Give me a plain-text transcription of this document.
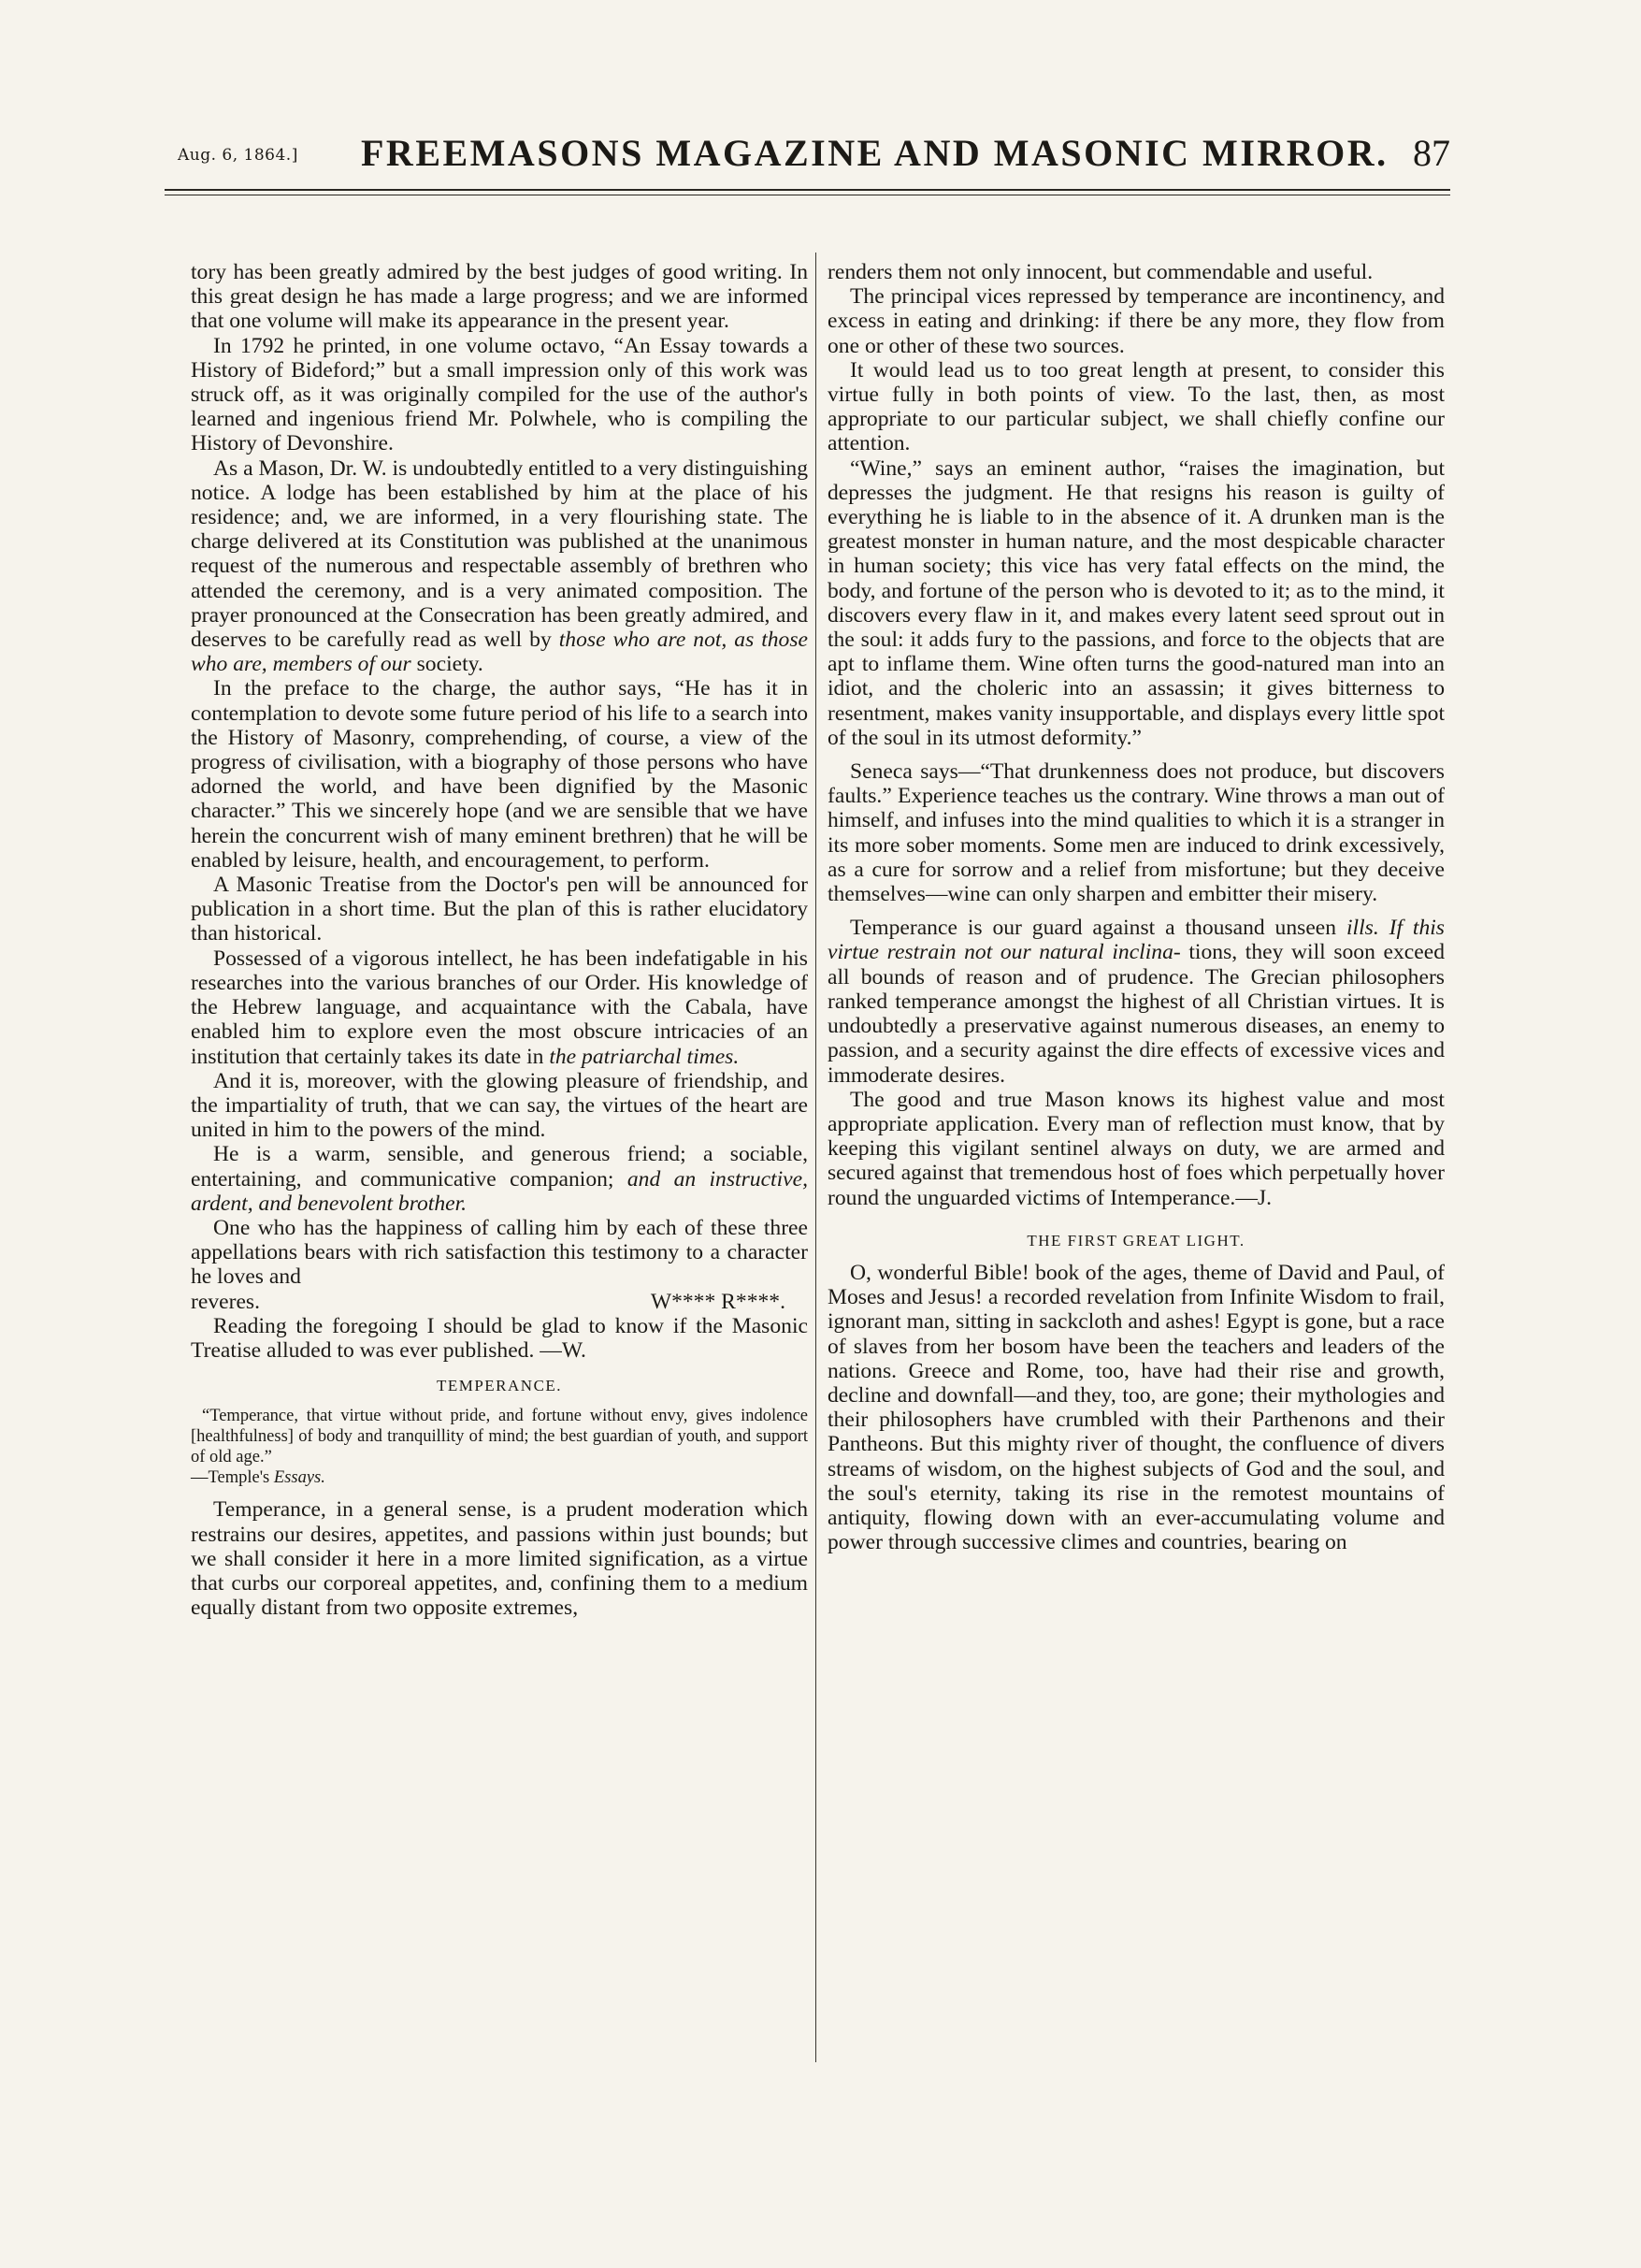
Aug. 6, 1864.] FREEMASONS MAGAZINE AND MASONIC MIRROR. 87

tory has been greatly admired by the best judges of good writing. In this great design he has made a large progress; and we are informed that one volume will make its appearance in the present year.

In 1792 he printed, in one volume octavo, “An Essay towards a History of Bideford;” but a small impression only of this work was struck off, as it was originally compiled for the use of the author's learned and ingenious friend Mr. Polwhele, who is compiling the History of Devonshire.

As a Mason, Dr. W. is undoubtedly entitled to a very distinguishing notice. A lodge has been established by him at the place of his residence; and, we are informed, in a very flourishing state. The charge delivered at its Constitution was published at the unanimous request of the numerous and respectable assembly of brethren who attended the ceremony, and is a very animated composition. The prayer pronounced at the Consecration has been greatly admired, and deserves to be carefully read as well by those who are not, as those who are, members of our society.

In the preface to the charge, the author says, “He has it in contemplation to devote some future period of his life to a search into the History of Masonry, comprehending, of course, a view of the progress of civilisation, with a biography of those persons who have adorned the world, and have been dignified by the Masonic character.” This we sincerely hope (and we are sensible that we have herein the concurrent wish of many eminent brethren) that he will be enabled by leisure, health, and encouragement, to perform.

A Masonic Treatise from the Doctor's pen will be announced for publication in a short time. But the plan of this is rather elucidatory than historical.

Possessed of a vigorous intellect, he has been indefatigable in his researches into the various branches of our Order. His knowledge of the Hebrew language, and acquaintance with the Cabala, have enabled him to explore even the most obscure intricacies of an institution that certainly takes its date in the patriarchal times.

And it is, moreover, with the glowing pleasure of friendship, and the impartiality of truth, that we can say, the virtues of the heart are united in him to the powers of the mind.

He is a warm, sensible, and generous friend; a sociable, entertaining, and communicative companion; and an instructive, ardent, and benevolent brother.

One who has the happiness of calling him by each of these three appellations bears with rich satisfaction this testimony to a character he loves and

reveres.	W**** R****.

Reading the foregoing I should be glad to know if the Masonic Treatise alluded to was ever published. —W.

TEMPERANCE.

“Temperance, that virtue without pride, and fortune without envy, gives indolence [healthfulness] of body and tranquillity of mind; the best guardian of youth, and support of old age.”

—Temple's Essays.

Temperance, in a general sense, is a prudent moderation which restrains our desires, appetites, and passions within just bounds; but we shall consider it here in a more limited signification, as a virtue that curbs our corporeal appetites, and, confining them to a medium equally distant from two opposite extremes,

renders them not only innocent, but commendable and useful.

The principal vices repressed by temperance are incontinency, and excess in eating and drinking: if there be any more, they flow from one or other of these two sources.

It would lead us to too great length at present, to consider this virtue fully in both points of view. To the last, then, as most appropriate to our particular subject, we shall chiefly confine our attention.

“Wine,” says an eminent author, “raises the imagination, but depresses the judgment. He that resigns his reason is guilty of everything he is liable to in the absence of it. A drunken man is the greatest monster in human nature, and the most despicable character in human society; this vice has very fatal effects on the mind, the body, and fortune of the person who is devoted to it; as to the mind, it discovers every flaw in it, and makes every latent seed sprout out in the soul: it adds fury to the passions, and force to the objects that are apt to inflame them. Wine often turns the good-natured man into an idiot, and the choleric into an assassin; it gives bitterness to resentment, makes vanity insupportable, and displays every little spot of the soul in its utmost deformity.”

Seneca says—“That drunkenness does not produce, but discovers faults.” Experience teaches us the contrary. Wine throws a man out of himself, and infuses into the mind qualities to which it is a stranger in its more sober moments. Some men are induced to drink excessively, as a cure for sorrow and a relief from misfortune; but they deceive themselves—wine can only sharpen and embitter their misery.

Temperance is our guard against a thousand unseen ills. If this virtue restrain not our natural inclina- tions, they will soon exceed all bounds of reason and of prudence. The Grecian philosophers ranked temperance amongst the highest of all Christian virtues. It is undoubtedly a preservative against numerous diseases, an enemy to passion, and a security against the dire effects of excessive vices and immoderate desires.

The good and true Mason knows its highest value and most appropriate application. Every man of reflection must know, that by keeping this vigilant sentinel always on duty, we are armed and secured against that tremendous host of foes which perpetually hover round the unguarded victims of Intemperance.—J.

THE FIRST GREAT LIGHT.

O, wonderful Bible! book of the ages, theme of David and Paul, of Moses and Jesus! a recorded revelation from Infinite Wisdom to frail, ignorant man, sitting in sackcloth and ashes! Egypt is gone, but a race of slaves from her bosom have been the teachers and leaders of the nations. Greece and Rome, too, have had their rise and growth, decline and downfall—and they, too, are gone; their mythologies and their philosophers have crumbled with their Parthenons and their Pantheons. But this mighty river of thought, the confluence of divers streams of wisdom, on the highest subjects of God and the soul, and the soul's eternity, taking its rise in the remotest mountains of antiquity, flowing down with an ever-accumulating volume and power through successive climes and countries, bearing on
